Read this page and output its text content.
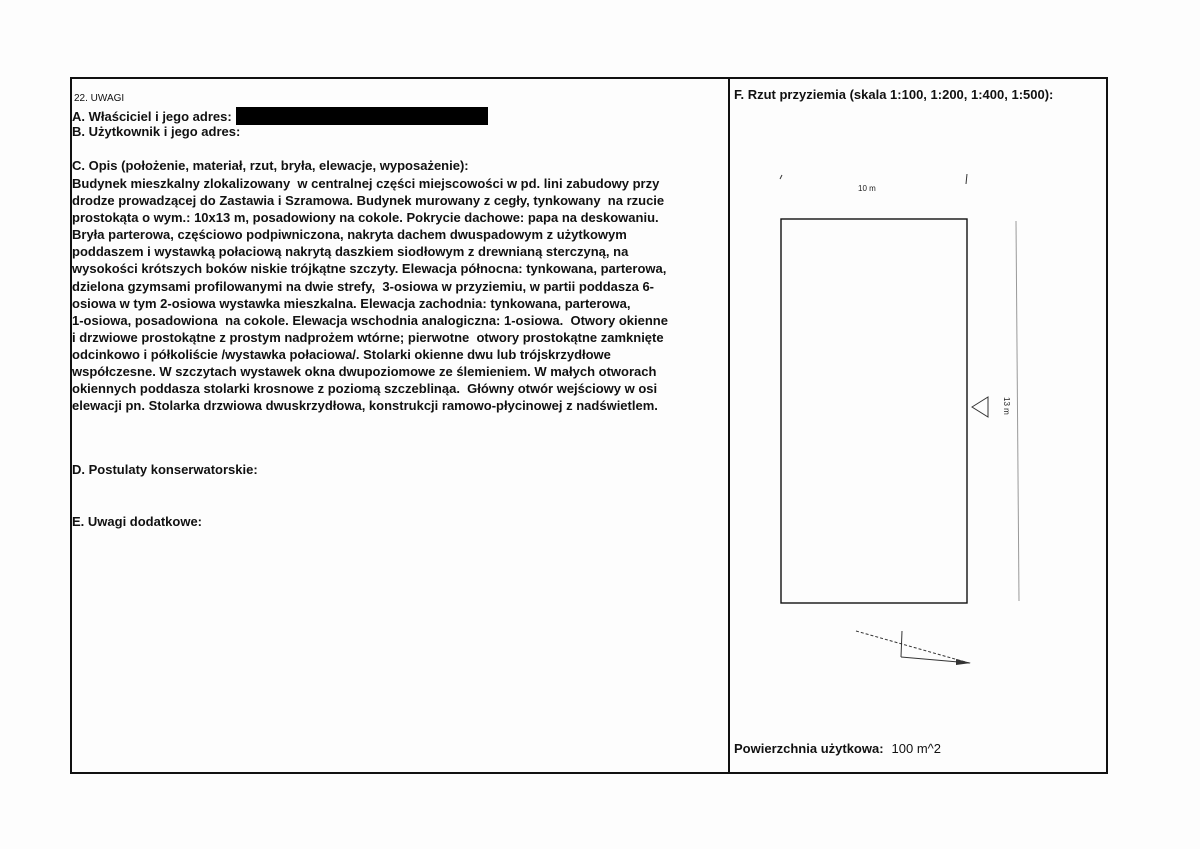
22. UWAGI
A. Właściciel i jego adres:
B. Użytkownik i jego adres:
C. Opis (położenie, materiał, rzut, bryła, elewacje, wyposażenie):
Budynek mieszkalny zlokalizowany  w centralnej części miejscowości w pd. lini zabudowy przy
drodze prowadzącej do Zastawia i Szramowa. Budynek murowany z cegły, tynkowany  na rzucie
prostokąta o wym.: 10x13 m, posadowiony na cokole. Pokrycie dachowe: papa na deskowaniu.
Bryła parterowa, częściowo podpiwniczona, nakryta dachem dwuspadowym z użytkowym
poddaszem i wystawką połaciową nakrytą daszkiem siodłowym z drewnianą sterczyną, na
wysokości krótszych boków niskie trójkątne szczyty. Elewacja północna: tynkowana, parterowa,
dzielona gzymsami profilowanymi na dwie strefy,  3-osiowa w przyziemiu, w partii poddasza 6-
osiowa w tym 2-osiowa wystawka mieszkalna. Elewacja zachodnia: tynkowana, parterowa,
1-osiowa, posadowiona  na cokole. Elewacja wschodnia analogiczna: 1-osiowa.  Otwory okienne
i drzwiowe prostokątne z prostym nadprożem wtórne; pierwotne  otwory prostokątne zamknięte
odcinkowo i półkoliście /wystawka połaciowa/. Stolarki okienne dwu lub trójskrzydłowe
współczesne. W szczytach wystawek okna dwupoziomowe ze ślemieniem. W małych otworach
okiennych poddasza stolarki krosnowe z poziomą szczeblinąa.  Główny otwór wejściowy w osi
elewacji pn. Stolarka drzwiowa dwuskrzydłowa, konstrukcji ramowo-płycinowej z nadświetlem.
D. Postulaty konserwatorskie:
E. Uwagi dodatkowe:
F. Rzut przyziemia (skala 1:100, 1:200, 1:400, 1:500):
10 m
13 m
Powierzchnia użytkowa: 100 m^2
